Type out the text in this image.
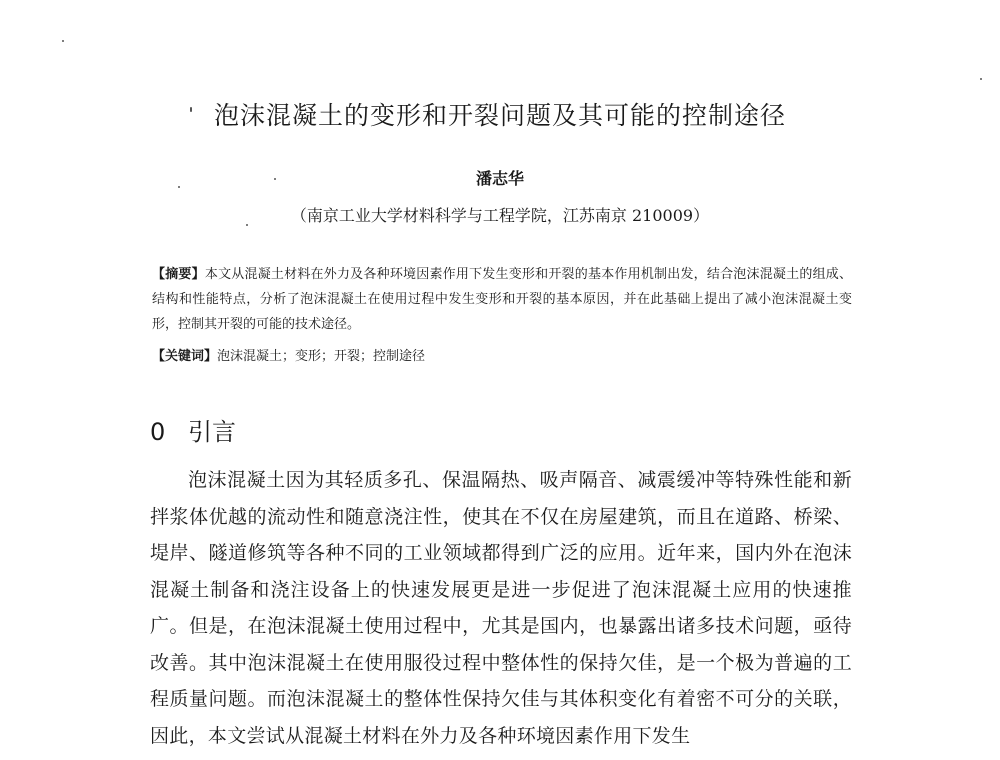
泡沫混凝土的变形和开裂问题及其可能的控制途径
潘志华
（南京工业大学材料科学与工程学院，江苏南京 210009）
【摘要】本文从混凝土材料在外力及各种环境因素作用下发生变形和开裂的基本作用机制出发，结合泡沫混凝土的组成、结构和性能特点，分析了泡沫混凝土在使用过程中发生变形和开裂的基本原因，并在此基础上提出了减小泡沫混凝土变形，控制其开裂的可能的技术途径。
【关键词】泡沫混凝土；变形；开裂；控制途径
0 引言
泡沫混凝土因为其轻质多孔、保温隔热、吸声隔音、减震缓冲等特殊性能和新拌浆体优越的流动性和随意浇注性，使其在不仅在房屋建筑，而且在道路、桥梁、堤岸、隧道修筑等各种不同的工业领域都得到广泛的应用。近年来，国内外在泡沫混凝土制备和浇注设备上的快速发展更是进一步促进了泡沫混凝土应用的快速推广。但是，在泡沫混凝土使用过程中，尤其是国内，也暴露出诸多技术问题，亟待改善。其中泡沫混凝土在使用服役过程中整体性的保持欠佳，是一个极为普遍的工程质量问题。而泡沫混凝土的整体性保持欠佳与其体积变化有着密不可分的关联，因此，本文尝试从混凝土材料在外力及各种环境因素作用下发生
